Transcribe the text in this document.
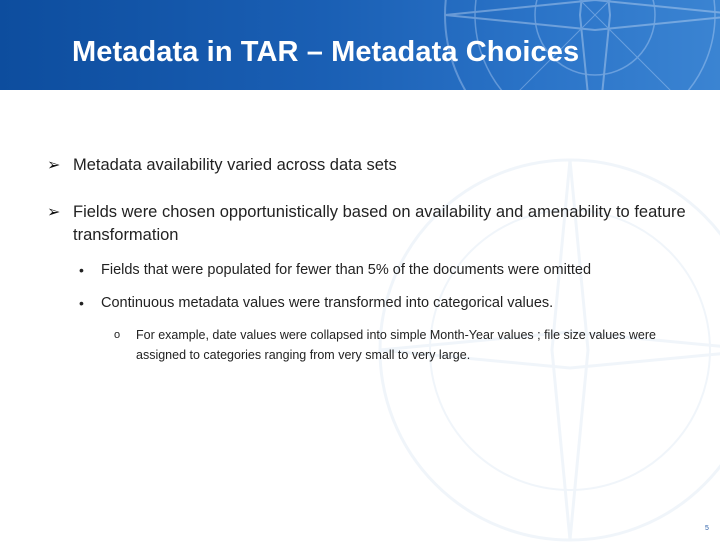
Metadata in TAR – Metadata Choices
➢ Metadata availability varied across data sets
➢ Fields were chosen opportunistically based on availability and amenability to feature transformation
• Fields that were populated for fewer than 5% of the documents were omitted
• Continuous metadata values were transformed into categorical values.
o For example, date values were collapsed into simple Month-Year values ; file size values were assigned to categories ranging from very small to very large.
5
